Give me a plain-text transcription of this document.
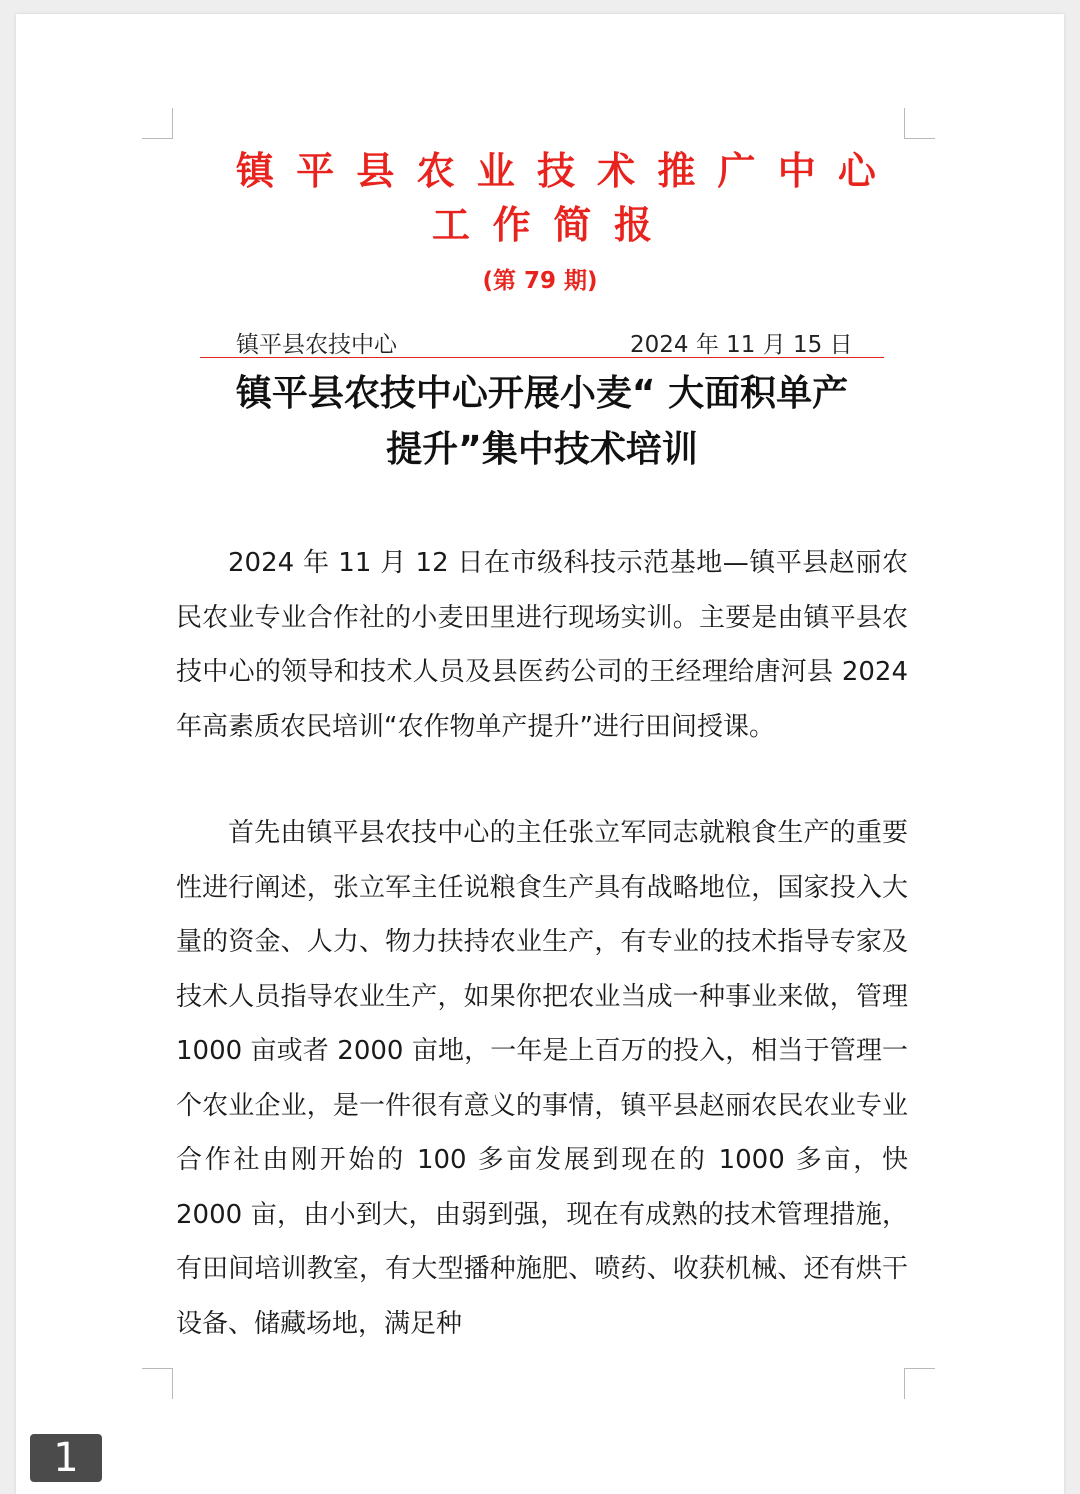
镇 平 县 农 业 技 术 推 广 中 心
工 作 简 报
(第 79 期)
镇平县农技中心	2024 年 11 月 15 日
镇平县农技中心开展小麦“ 大面积单产
提升”集中技术培训

2024 年 11 月 12 日在市级科技示范基地—镇平县赵丽农民农业专业合作社的小麦田里进行现场实训。主要是由镇平县农技中心的领导和技术人员及县医药公司的王经理给唐河县 2024 年高素质农民培训“农作物单产提升”进行田间授课。

首先由镇平县农技中心的主任张立军同志就粮食生产的重要性进行阐述，张立军主任说粮食生产具有战略地位，国家投入大量的资金、人力、物力扶持农业生产，有专业的技术指导专家及技术人员指导农业生产，如果你把农业当成一种事业来做，管理 1000 亩或者 2000 亩地，一年是上百万的投入，相当于管理一个农业企业，是一件很有意义的事情，镇平县赵丽农民农业专业合作社由刚开始的 100 多亩发展到现在的 1000 多亩，快 2000 亩，由小到大，由弱到强，现在有成熟的技术管理措施，有田间培训教室，有大型播种施肥、喷药、收获机械、还有烘干设备、储藏场地，满足种

1
